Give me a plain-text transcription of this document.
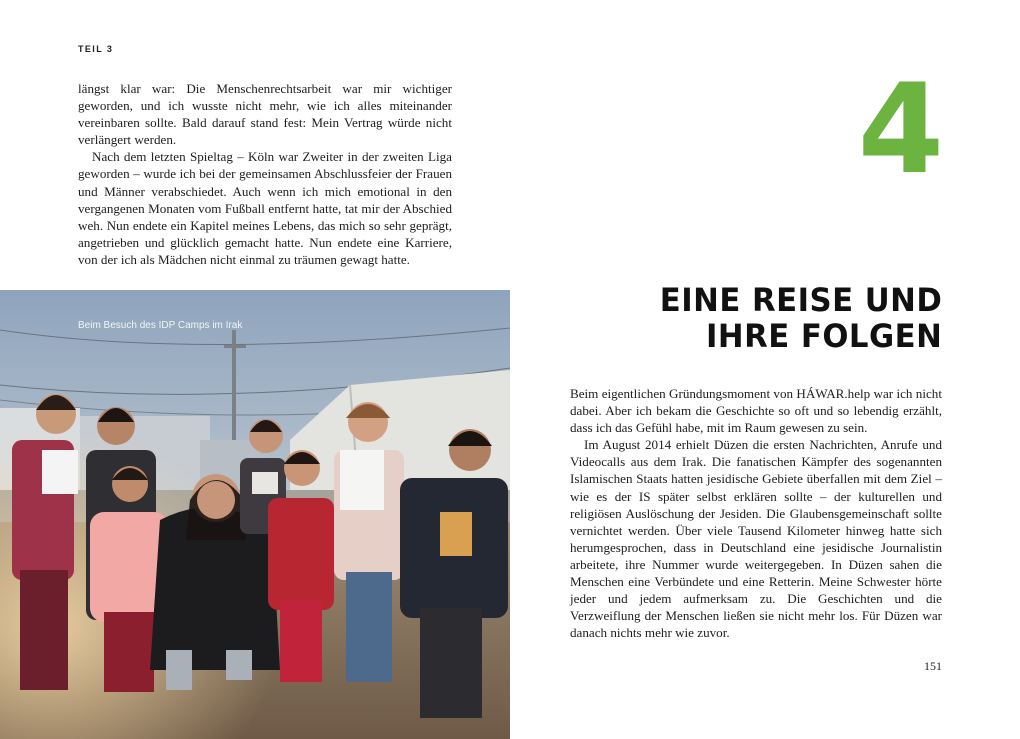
TEIL 3

längst klar war: Die Menschenrechtsarbeit war mir wichtiger geworden, und ich wusste nicht mehr, wie ich alles miteinander vereinbaren sollte. Bald darauf stand fest: Mein Vertrag würde nicht verlängert werden.

Nach dem letzten Spieltag – Köln war Zweiter in der zweiten Liga geworden – wurde ich bei der gemeinsamen Abschlussfeier der Frauen und Männer verabschiedet. Auch wenn ich mich emotional in den vergangenen Monaten vom Fußball entfernt hatte, tat mir der Abschied weh. Nun endete ein Kapitel meines Lebens, das mich so sehr geprägt, angetrieben und glücklich gemacht hatte. Nun endete eine Karriere, von der ich als Mädchen nicht einmal zu träumen gewagt hatte.

Beim Besuch des IDP Camps im Irak
4
EINE REISE UND
IHRE FOLGEN

Beim eigentlichen Gründungsmoment von HÁWAR.help war ich nicht dabei. Aber ich bekam die Geschichte so oft und so lebendig erzählt, dass ich das Gefühl habe, mit im Raum gewesen zu sein.

Im August 2014 erhielt Düzen die ersten Nachrichten, Anrufe und Videocalls aus dem Irak. Die fanatischen Kämpfer des sogenannten Islamischen Staats hatten jesidische Gebiete überfallen mit dem Ziel – wie es der IS später selbst erklären sollte – der kulturellen und religiösen Auslöschung der Jesiden. Die Glaubensgemeinschaft sollte vernichtet werden. Über viele Tausend Kilometer hinweg hatte sich herumgesprochen, dass in Deutschland eine jesidische Journalistin arbeitete, ihre Nummer wurde weitergegeben. In Düzen sahen die Menschen eine Verbündete und eine Retterin. Meine Schwester hörte jeder und jedem aufmerksam zu. Die Geschichten und die Verzweiflung der Menschen ließen sie nicht mehr los. Für Düzen war danach nichts mehr wie zuvor.

151
